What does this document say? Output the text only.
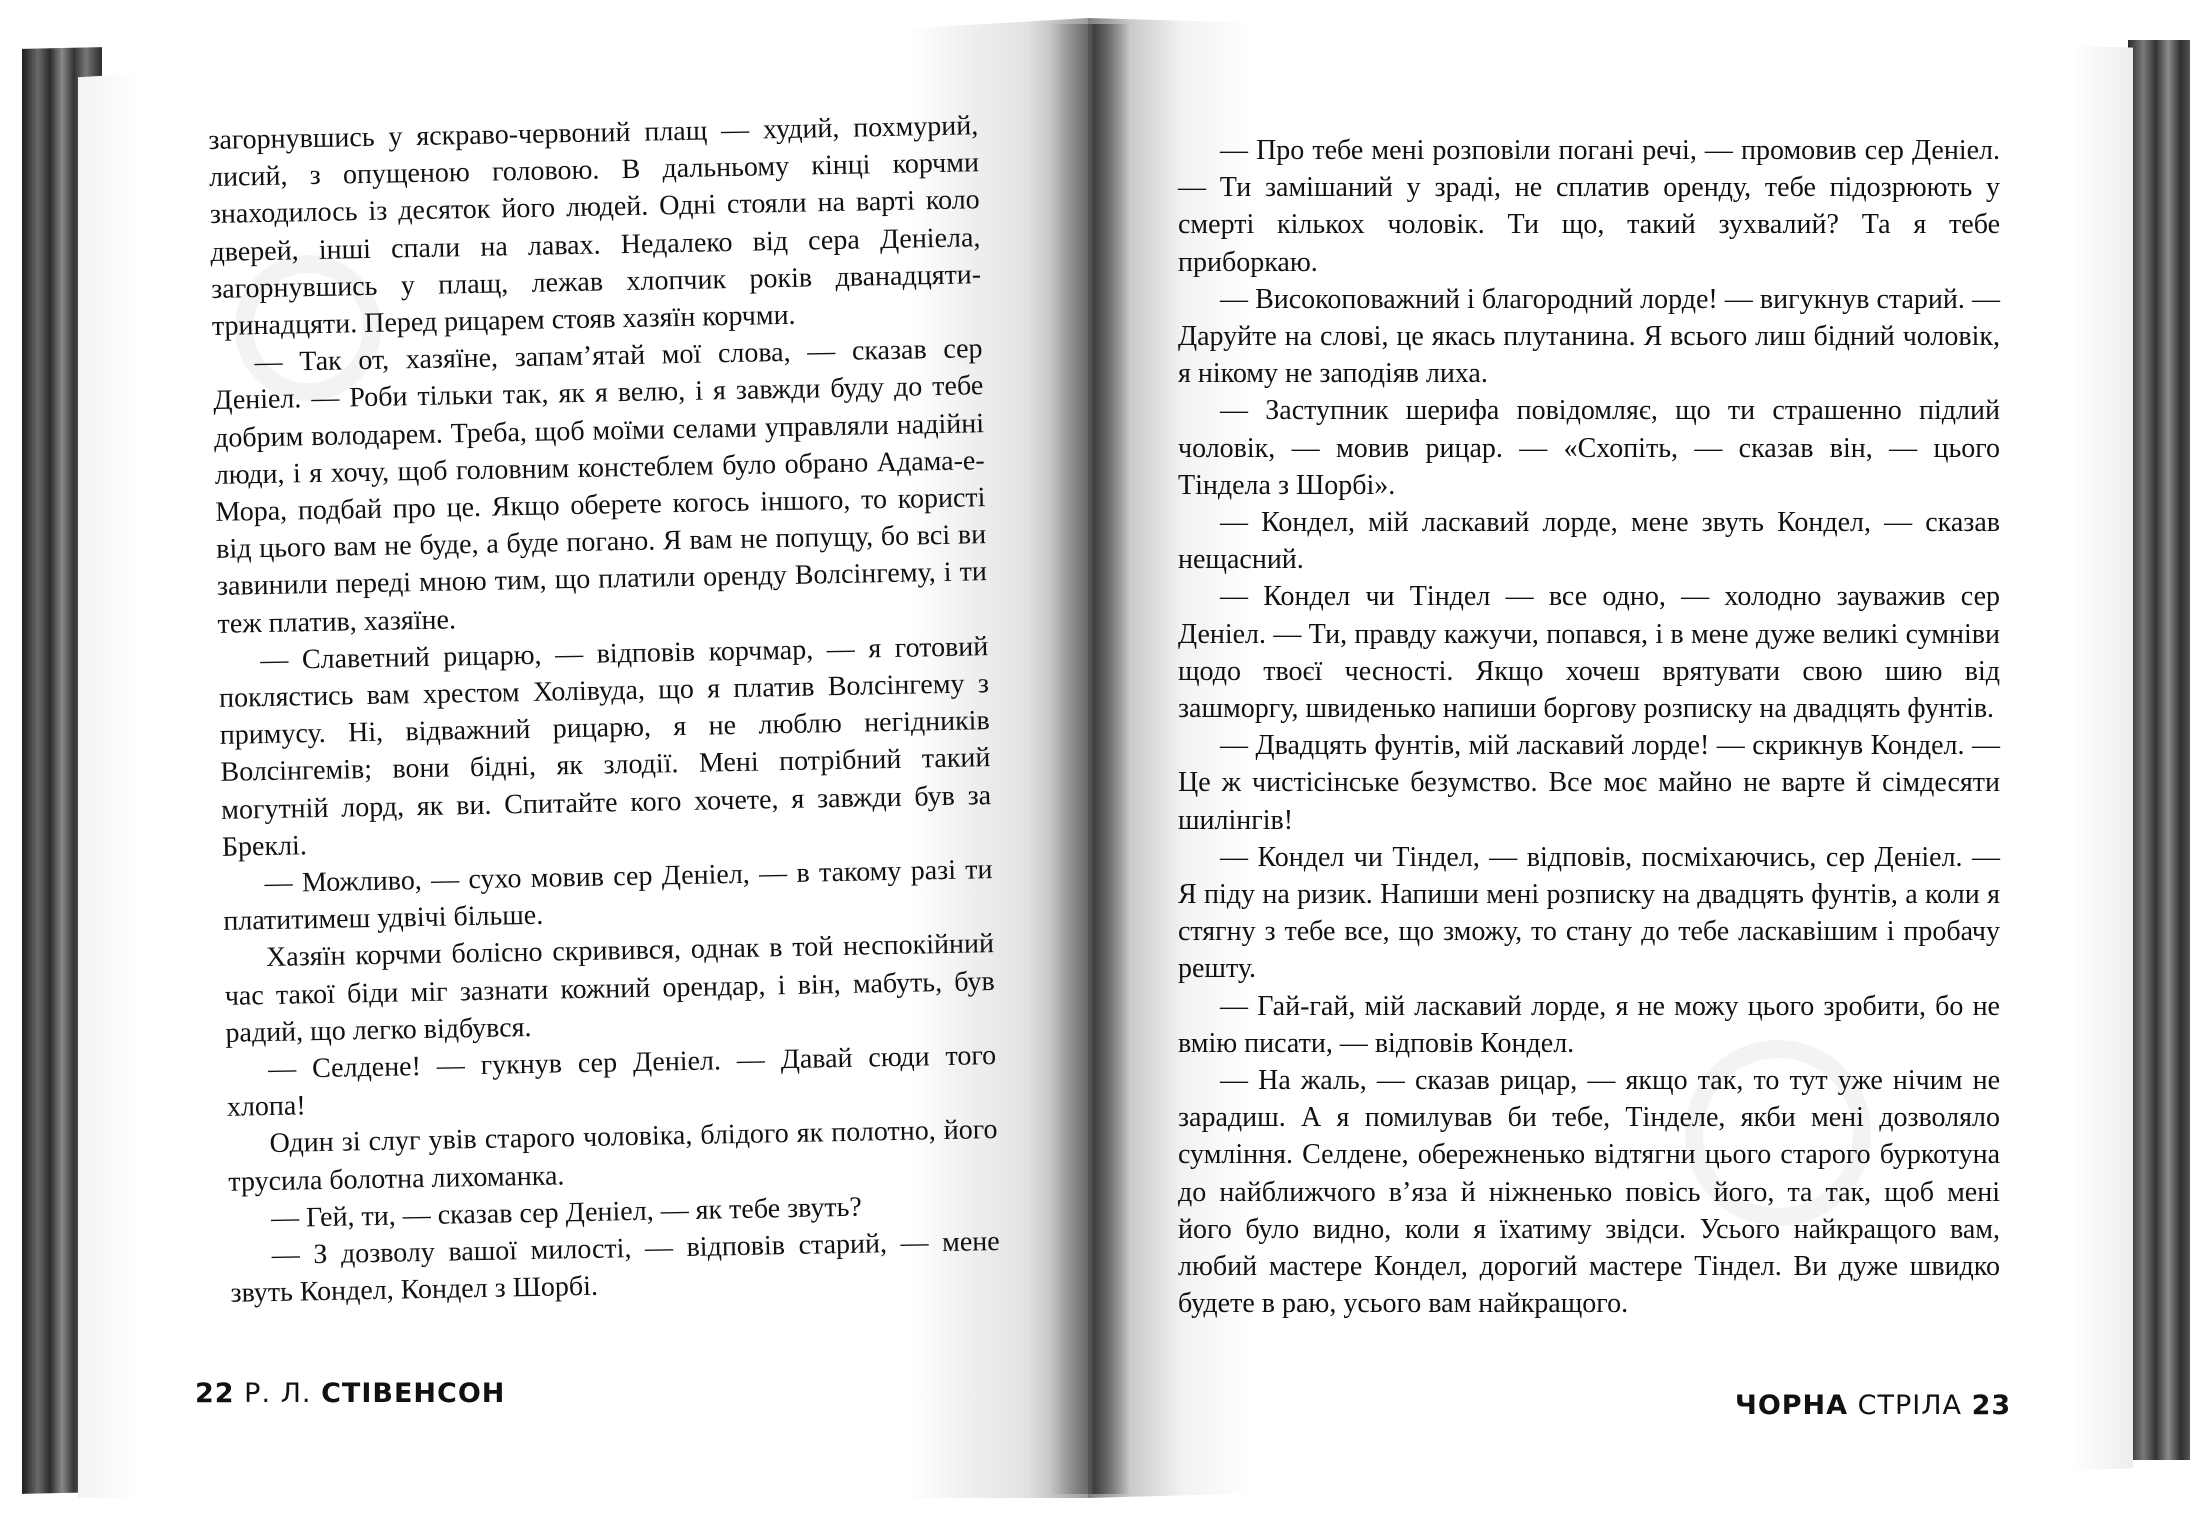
загорнувшись у яскраво-червоний плащ — худий, похмурий, лисий, з опущеною головою. В дальньому кінці корчми знаходилось із десяток його людей. Одні стояли на варті коло дверей, інші спали на лавах. Недалеко від сера Деніела, загорнувшись у плащ, лежав хлопчик років дванадцяти-тринадцяти. Перед рицарем стояв хазяїн корчми.

— Так от, хазяїне, запам’ятай мої слова, — сказав сер Деніел. — Роби тільки так, як я велю, і я завжди буду до тебе добрим володарем. Треба, щоб моїми селами управляли надійні люди, і я хочу, щоб головним констеблем було обрано Адама-е-Мора, подбай про це. Якщо оберете когось іншого, то користі від цього вам не буде, а буде погано. Я вам не попущу, бо всі ви завинили переді мною тим, що платили оренду Волсінгему, і ти теж платив, хазяїне.

— Славетний рицарю, — відповів корчмар, — я готовий поклястись вам хрестом Холівуда, що я платив Волсінгему з примусу. Ні, відважний рицарю, я не люблю негідників Волсінгемів; вони бідні, як злодії. Мені потрібний такий могутній лорд, як ви. Спитайте кого хочете, я завжди був за Брeклі.

— Можливо, — сухо мовив сер Деніел, — в такому разі ти платитимеш удвічі більше.

Хазяїн корчми болісно скривився, однак в той неспокійний час такої біди міг зазнати кожний орендар, і він, мабуть, був радий, що легко відбувся.

— Селдене! — гукнув сер Деніел. — Давай сюди того хлопа!

Один зі слуг увів старого чоловіка, блідого як полотно, його трусила болотна лихоманка.

— Гей, ти, — сказав сер Деніел, — як тебе звуть?

— З дозволу вашої милості, — відповів старий, — мене звуть Кондел, Кондел з Шорбі.

22 Р. Л. СТІВЕНСОН

— Про тебе мені розповіли погані речі, — промовив сер Деніел. — Ти замішаний у зраді, не сплатив оренду, тебе підозрюють у смерті кількох чоловік. Ти що, такий зухвалий? Та я тебе приборкаю.

— Високоповажний і благородний лорде! — вигукнув старий. — Даруйте на слові, це якась плутанина. Я всього лиш бідний чоловік, я нікому не заподіяв лиха.

— Заступник шерифа повідомляє, що ти страшенно підлий чоловік, — мовив рицар. — «Схопіть, — сказав він, — цього Тіндела з Шорбі».

— Кондел, мій ласкавий лорде, мене звуть Кондел, — сказав нещасний.

— Кондел чи Тіндел — все одно, — холодно зауважив сер Деніел. — Ти, правду кажучи, попався, і в мене дуже великі сумніви щодо твоєї чесності. Якщо хочеш врятувати свою шию від зашморгу, швиденько напиши боргову розписку на двадцять фунтів.

— Двадцять фунтів, мій ласкавий лорде! — скрикнув Кондел. — Це ж чистісінське безумство. Все моє майно не варте й сімдесяти шилінгів!

— Кондел чи Тіндел, — відповів, посміхаючись, сер Деніел. — Я піду на ризик. Напиши мені розписку на двадцять фунтів, а коли я стягну з тебе все, що зможу, то стану до тебе ласкавішим і пробачу решту.

— Гай-гай, мій ласкавий лорде, я не можу цього зробити, бо не вмію писати, — відповів Кондел.

— На жаль, — сказав рицар, — якщо так, то тут уже нічим не зарадиш. А я помилував би тебе, Тінделе, якби мені дозволяло сумління. Селдене, обережненько відтягни цього старого буркотуна до найближчого в’яза й ніжненько повісь його, та так, щоб мені його було видно, коли я їхатиму звідси. Усього найкращого вам, любий мастере Кондел, дорогий мастере Тіндел. Ви дуже швидко будете в раю, усього вам найкращого.

ЧОРНА СТРІЛА 23
